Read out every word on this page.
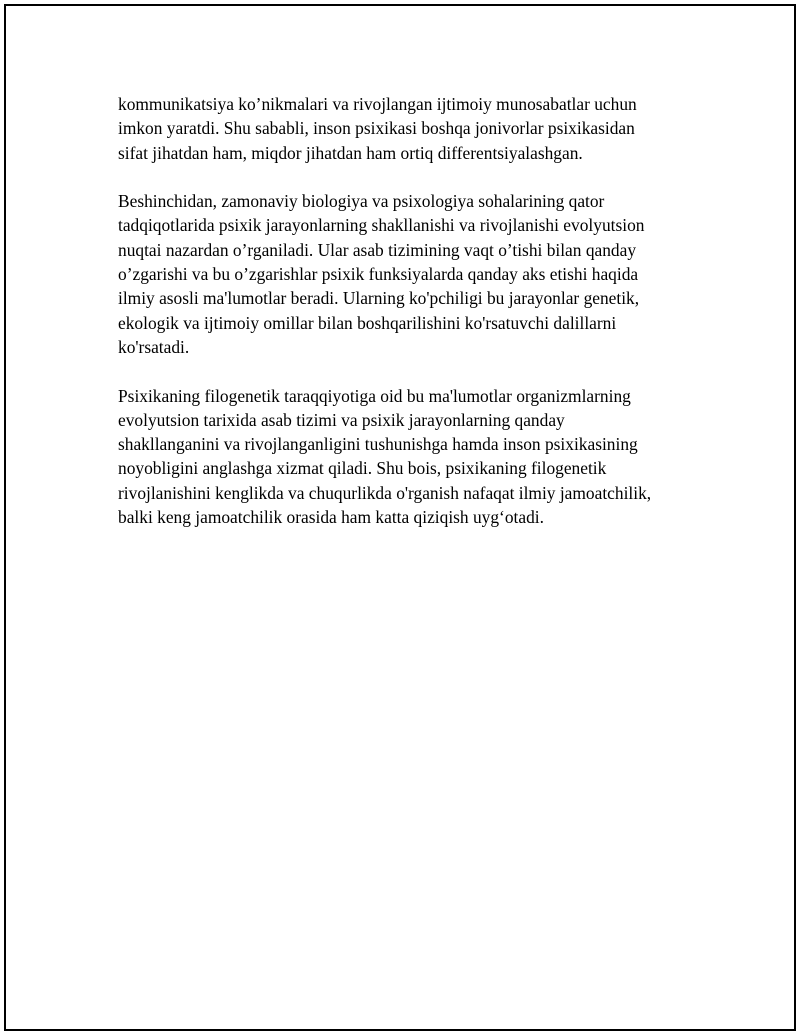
kommunikatsiya ko’nikmalari va rivojlangan ijtimoiy munosabatlar uchun
imkon yaratdi. Shu sababli, inson psixikasi boshqa jonivorlar psixikasidan
sifat jihatdan ham, miqdor jihatdan ham ortiq differentsiyalashgan.

Beshinchidan, zamonaviy biologiya va psixologiya sohalarining qator
tadqiqotlarida psixik jarayonlarning shakllanishi va rivojlanishi evolyutsion
nuqtai nazardan o’rganiladi. Ular asab tizimining vaqt o’tishi bilan qanday
o’zgarishi va bu o’zgarishlar psixik funksiyalarda qanday aks etishi haqida
ilmiy asosli ma'lumotlar beradi. Ularning ko'pchiligi bu jarayonlar genetik,
ekologik va ijtimoiy omillar bilan boshqarilishini ko'rsatuvchi dalillarni
ko'rsatadi.

Psixikaning filogenetik taraqqiyotiga oid bu ma'lumotlar organizmlarning
evolyutsion tarixida asab tizimi va psixik jarayonlarning qanday
shakllanganini va rivojlanganligini tushunishga hamda inson psixikasining
noyobligini anglashga xizmat qiladi. Shu bois, psixikaning filogenetik
rivojlanishini kenglikda va chuqurlikda o'rganish nafaqat ilmiy jamoatchilik,
balki keng jamoatchilik orasida ham katta qiziqish uyg‘otadi.
